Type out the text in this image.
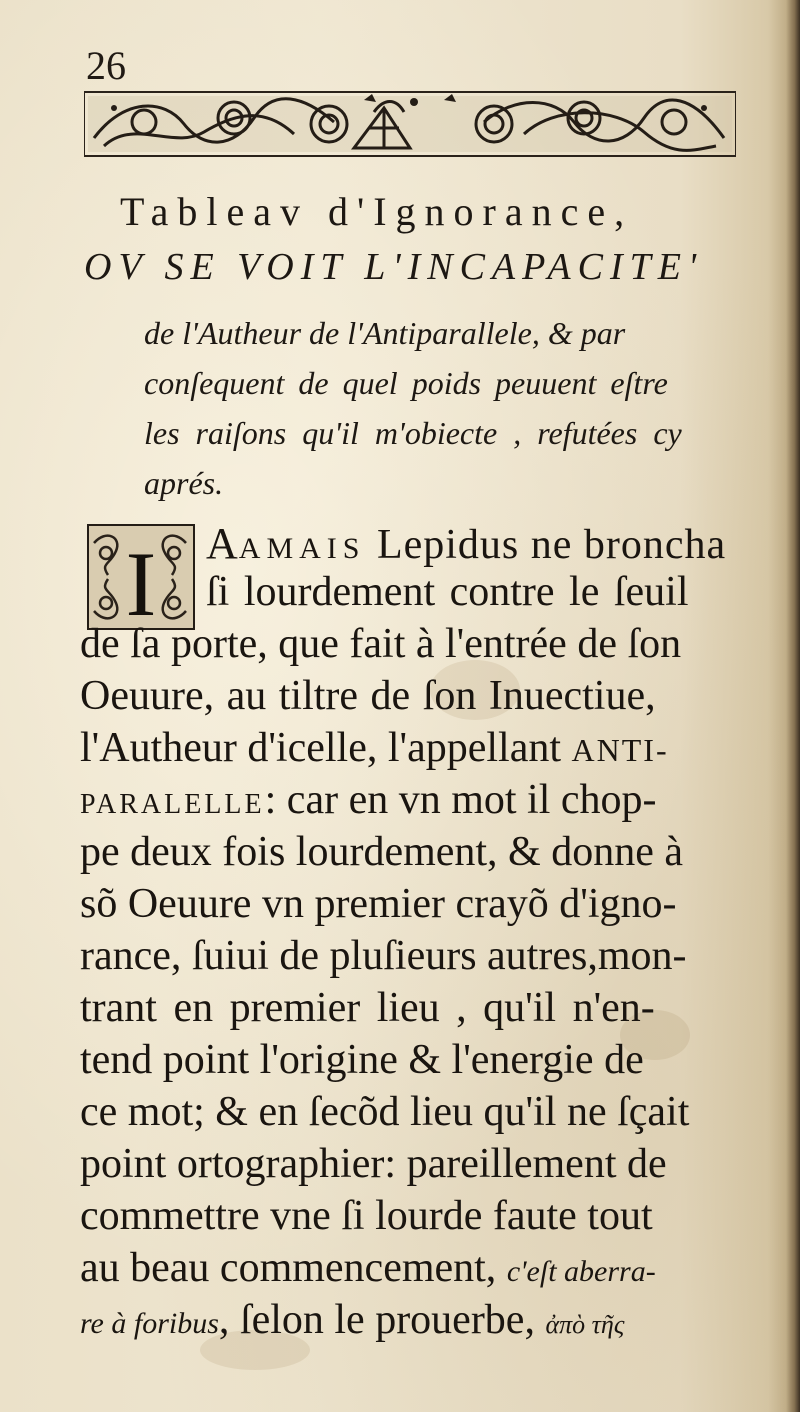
26

Tableav d'Ignorance,

OV SE VOIT L'INCAPACITE'

de l'Autheur de l'Antiparallele, & par

conſequent de quel poids peuuent eſtre

les raiſons qu'il m'obiecte , refutées cy

aprés.

I AAMAIS Lepidus ne broncha

ſi lourdement contre le ſeuil

de ſa porte, que fait à l'entrée de ſon

Oeuure, au tiltre de ſon Inuectiue,

l'Autheur d'icelle, l'appellant ANTI-

PARALELLE: car en vn mot il chop-

pe deux fois lourdement, & donne à

sõ Oeuure vn premier crayõ d'igno-

rance, ſuiui de pluſieurs autres,mon-

trant en premier lieu , qu'il n'en-

tend point l'origine & l'energie de

ce mot; & en ſecõd lieu qu'il ne ſçait

point ortographier: pareillement de

commettre vne ſi lourde faute tout

au beau commencement, c'eſt aberra-

re à foribus, ſelon le prouerbe, ἀπὸ τῆς
